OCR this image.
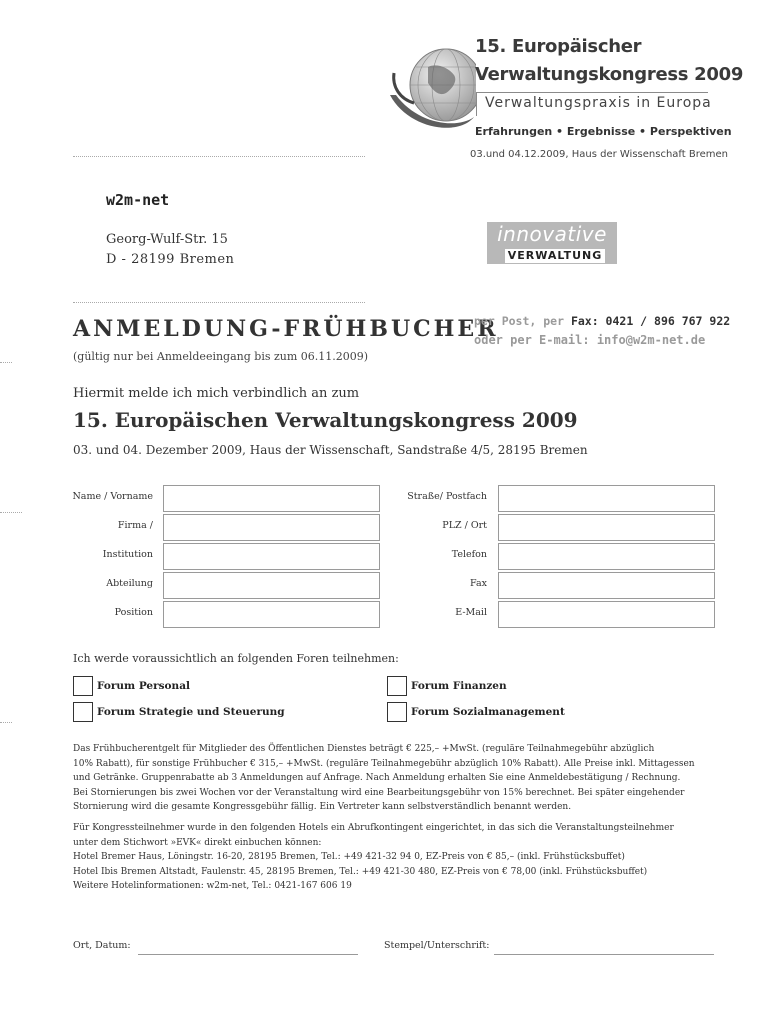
15. Europäischer
Verwaltungskongress 2009
Verwaltungspraxis in Europa
Erfahrungen • Ergebnisse • Perspektiven
03.und 04.12.2009, Haus der Wissenschaft Bremen
w2m-net
Georg-Wulf-Str. 15
D - 28199 Bremen
innovative
VERWALTUNG
ANMELDUNG-FRÜHBUCHER
(gültig nur bei Anmeldeeingang bis zum 06.11.2009)
per Post, per Fax: 0421 / 896 767 922
oder per E-mail: info@w2m-net.de
Hiermit melde ich mich verbindlich an zum
15. Europäischen Verwaltungskongress 2009
03. und 04. Dezember 2009, Haus der Wissenschaft, Sandstraße 4/5, 28195 Bremen
Name / Vorname
Firma /
Institution
Abteilung
Position
Straße/ Postfach
PLZ / Ort
Telefon
Fax
E-Mail
Ich werde voraussichtlich an folgenden Foren teilnehmen:
Forum Personal	Forum Finanzen
Forum Strategie und Steuerung	Forum Sozialmanagement
Das Frühbucherentgelt für Mitglieder des Öffentlichen Dienstes beträgt € 225,– +MwSt. (reguläre Teilnahmegebühr abzüglich
10% Rabatt), für sonstige Frühbucher € 315,– +MwSt. (reguläre Teilnahmegebühr abzüglich 10% Rabatt). Alle Preise inkl. Mittagessen
und Getränke. Gruppenrabatte ab 3 Anmeldungen auf Anfrage. Nach Anmeldung erhalten Sie eine Anmeldebestätigung / Rechnung.
Bei Stornierungen bis zwei Wochen vor der Veranstaltung wird eine Bearbeitungsgebühr von 15% berechnet. Bei später eingehender
Stornierung wird die gesamte Kongressgebühr fällig. Ein Vertreter kann selbstverständlich benannt werden.
Für Kongressteilnehmer wurde in den folgenden Hotels ein Abrufkontingent eingerichtet, in das sich die Veranstaltungsteilnehmer
unter dem Stichwort »EVK« direkt einbuchen können:
Hotel Bremer Haus, Löningstr. 16-20, 28195 Bremen, Tel.: +49 421-32 94 0, EZ-Preis von € 85,– (inkl. Frühstücksbuffet)
Hotel Ibis Bremen Altstadt, Faulenstr. 45, 28195 Bremen, Tel.: +49 421-30 480, EZ-Preis von € 78,00 (inkl. Frühstücksbuffet)
Weitere Hotelinformationen: w2m-net, Tel.: 0421-167 606 19
Ort, Datum:	Stempel/Unterschrift:
